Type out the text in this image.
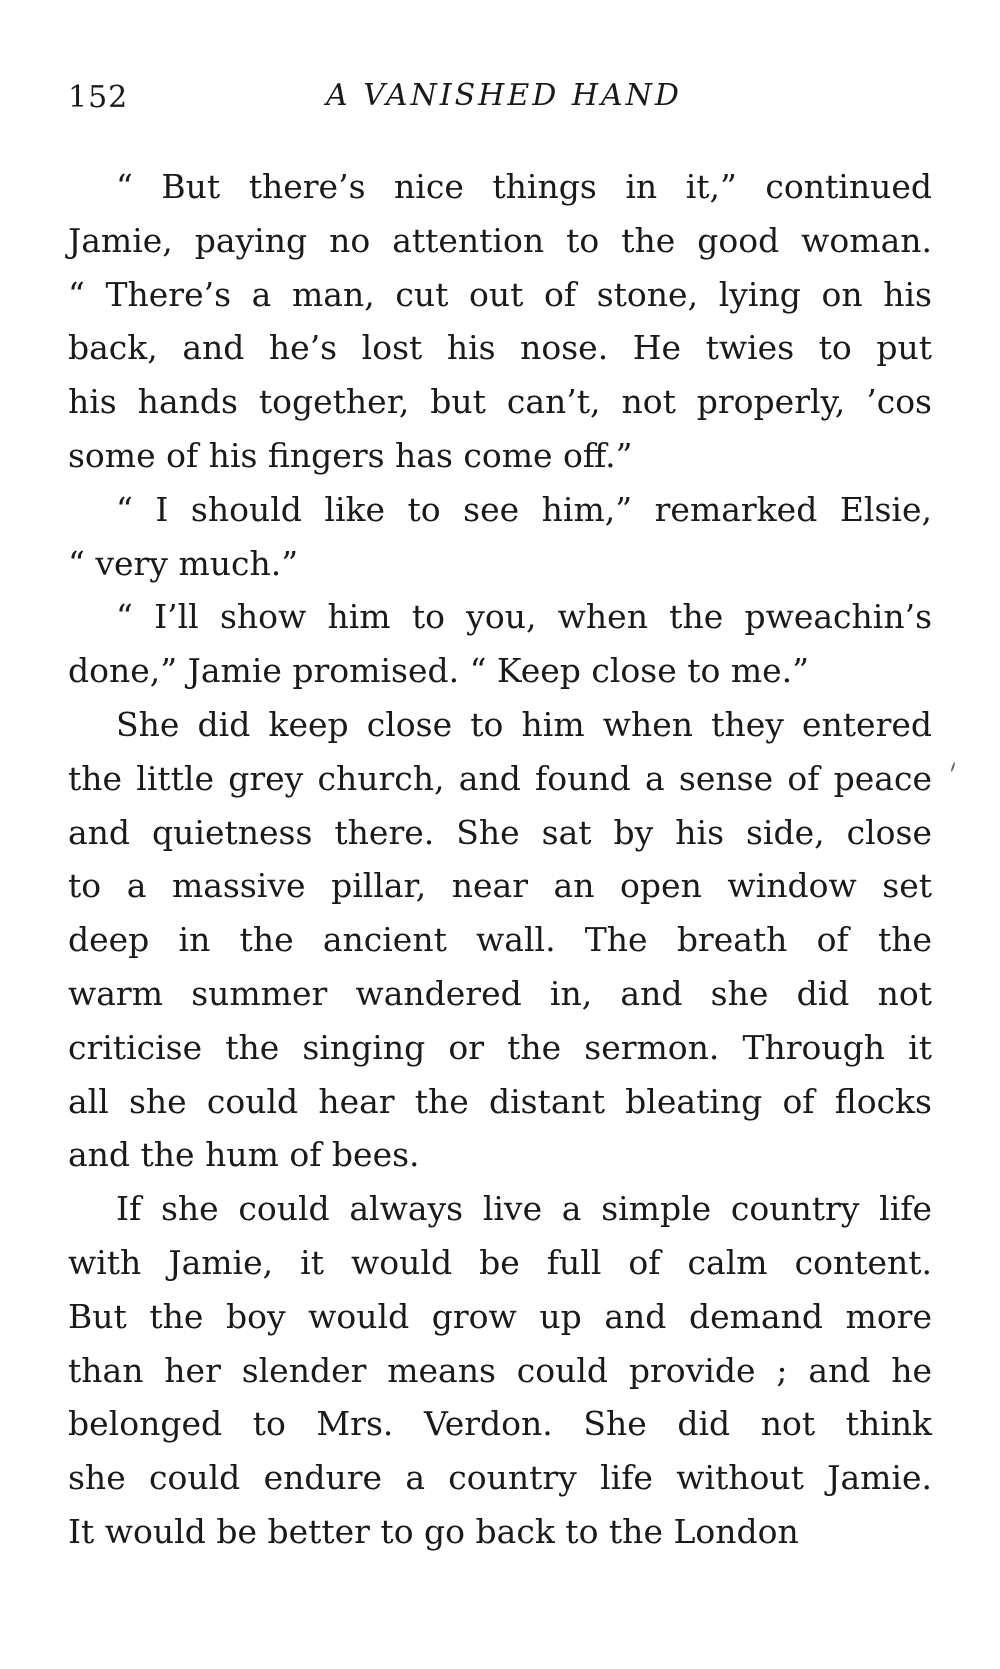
152	A VANISHED HAND
“ But there’s nice things in it,” continued
Jamie, paying no attention to the good woman.
“ There’s a man, cut out of stone, lying on his
back, and he’s lost his nose. He twies to put
his hands together, but can’t, not properly, ’cos
some of his fingers has come off.”
“ I should like to see him,” remarked Elsie,
“ very much.”
“ I’ll show him to you, when the pweachin’s
done,” Jamie promised. “ Keep close to me.”
She did keep close to him when they entered
the little grey church, and found a sense of peace
and quietness there. She sat by his side, close
to a massive pillar, near an open window set
deep in the ancient wall. The breath of the
warm summer wandered in, and she did not
criticise the singing or the sermon. Through it
all she could hear the distant bleating of flocks
and the hum of bees.
If she could always live a simple country life
with Jamie, it would be full of calm content.
But the boy would grow up and demand more
than her slender means could provide ; and he
belonged to Mrs. Verdon. She did not think
she could endure a country life without Jamie.
It would be better to go back to the London
